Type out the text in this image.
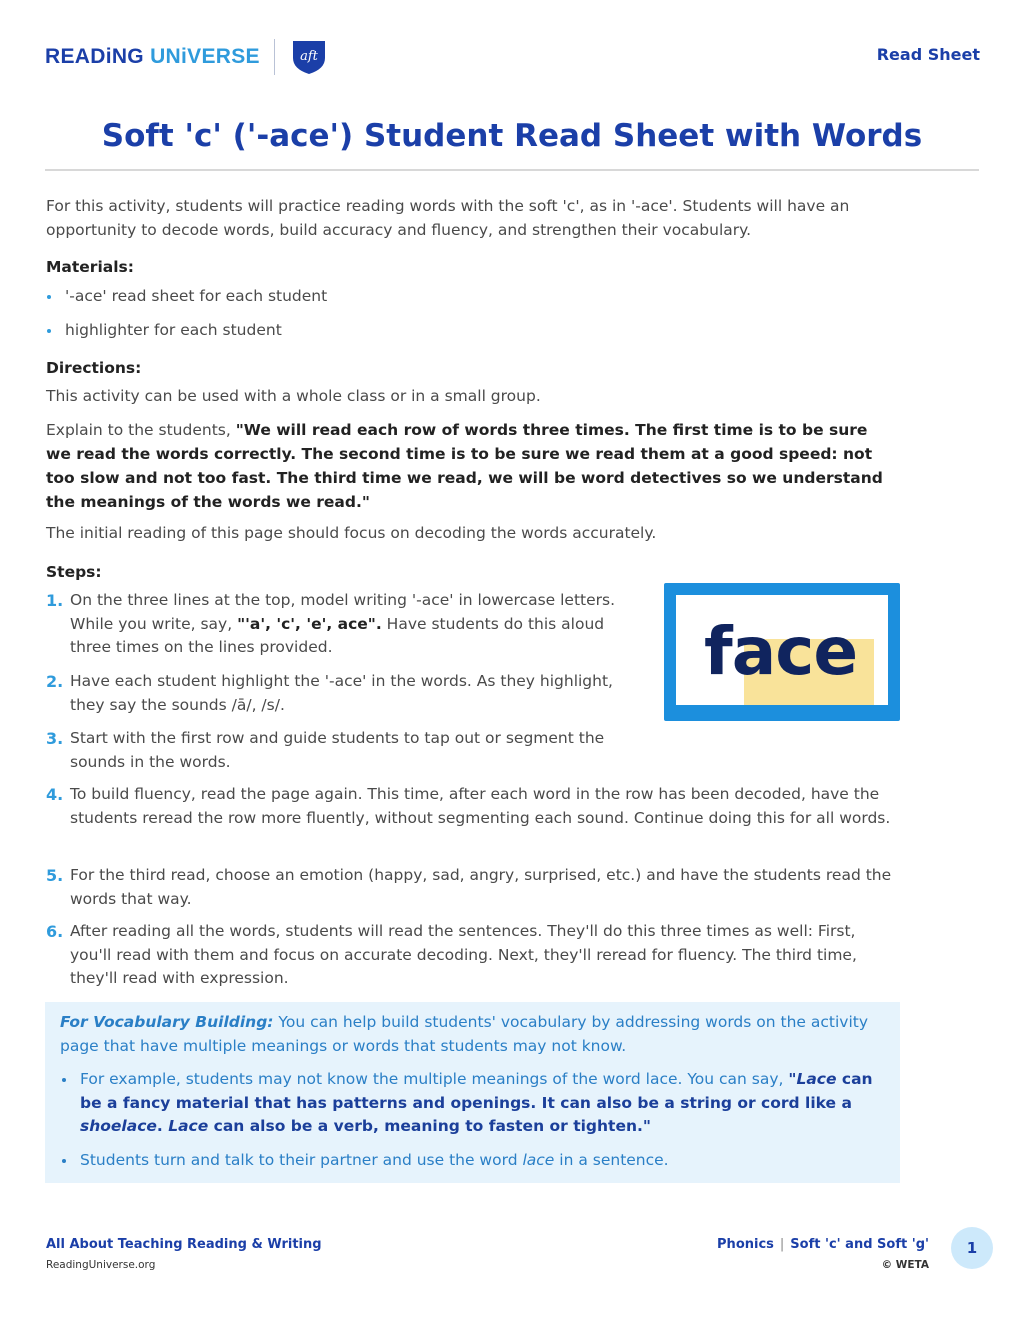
READiNG UNiVERSE	aft	Read Sheet
Soft 'c' ('-ace') Student Read Sheet with Words

For this activity, students will practice reading words with the soft 'c', as in '-ace'. Students will have an opportunity to decode words, build accuracy and fluency, and strengthen their vocabulary.

Materials:
'-ace' read sheet for each student
highlighter for each student
Directions:

This activity can be used with a whole class or in a small group.

Explain to the students, "We will read each row of words three times. The first time is to be sure we read the words correctly. The second time is to be sure we read them at a good speed: not too slow and not too fast. The third time we read, we will be word detectives so we understand the meanings of the words we read."

The initial reading of this page should focus on decoding the words accurately.

Steps:
1. On the three lines at the top, model writing '-ace' in lowercase letters. While you write, say, "'a', 'c', 'e', ace". Have students do this aloud three times on the lines provided.
2. Have each student highlight the '-ace' in the words. As they highlight, they say the sounds /ā/, /s/.
3. Start with the first row and guide students to tap out or segment the sounds in the words.
4. To build fluency, read the page again. This time, after each word in the row has been decoded, have the students reread the row more fluently, without segmenting each sound. Continue doing this for all words.
5. For the third read, choose an emotion (happy, sad, angry, surprised, etc.) and have the students read the words that way.
6. After reading all the words, students will read the sentences. They'll do this three times as well: First, you'll read with them and focus on accurate decoding. Next, they'll reread for fluency. The third time, they'll read with expression.
face

For Vocabulary Building: You can help build students' vocabulary by addressing words on the activity page that have multiple meanings or words that students may not know.

For example, students may not know the multiple meanings of the word lace. You can say, "Lace can be a fancy material that has patterns and openings. It can also be a string or cord like a shoelace. Lace can also be a verb, meaning to fasten or tighten."
Students turn and talk to their partner and use the word lace in a sentence.
All About Teaching Reading & Writing
ReadingUniverse.org
Phonics | Soft 'c' and Soft 'g'
© WETA
1
